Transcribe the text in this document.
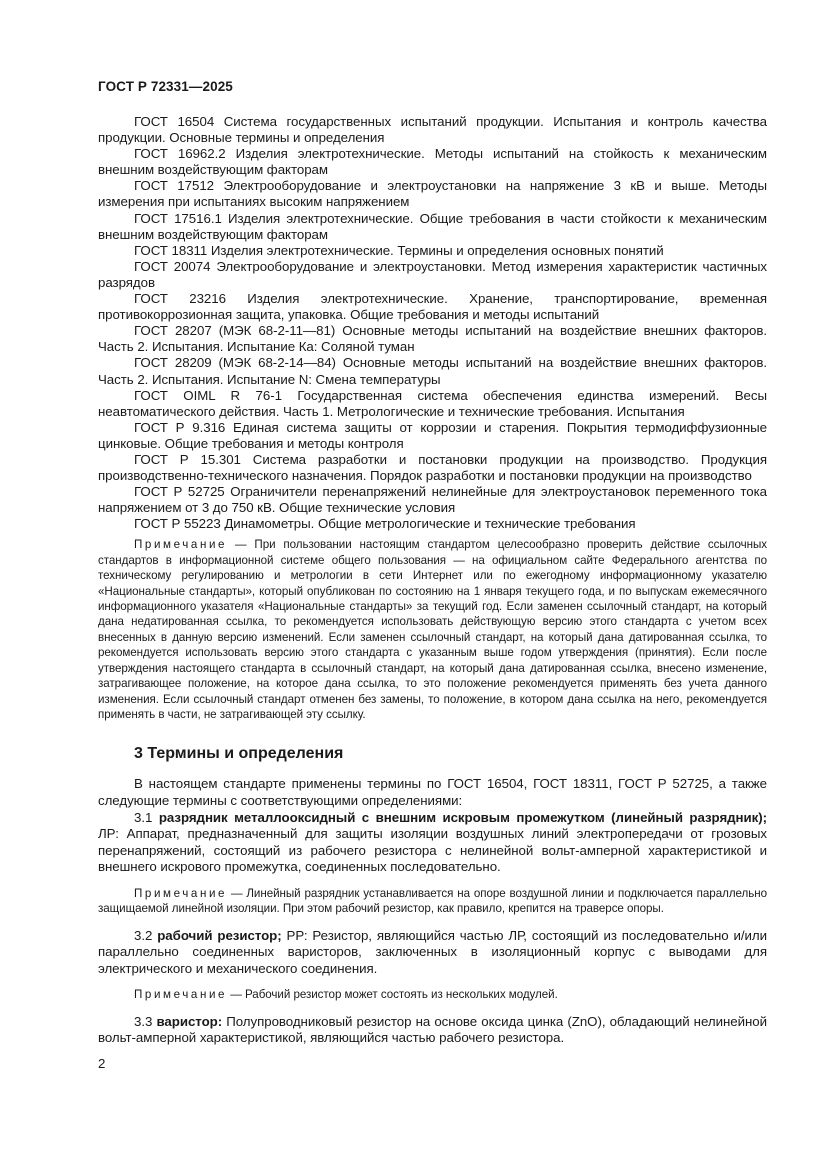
ГОСТ Р 72331—2025

ГОСТ 16504 Система государственных испытаний продукции. Испытания и контроль качества продукции. Основные термины и определения

ГОСТ 16962.2 Изделия электротехнические. Методы испытаний на стойкость к механическим внешним воздействующим факторам

ГОСТ 17512 Электрооборудование и электроустановки на напряжение 3 кВ и выше. Методы измерения при испытаниях высоким напряжением

ГОСТ 17516.1 Изделия электротехнические. Общие требования в части стойкости к механическим внешним воздействующим факторам

ГОСТ 18311 Изделия электротехнические. Термины и определения основных понятий

ГОСТ 20074 Электрооборудование и электроустановки. Метод измерения характеристик частичных разрядов

ГОСТ 23216 Изделия электротехнические. Хранение, транспортирование, временная противокоррозионная защита, упаковка. Общие требования и методы испытаний

ГОСТ 28207 (МЭК 68-2-11—81) Основные методы испытаний на воздействие внешних факторов. Часть 2. Испытания. Испытание Ка: Соляной туман

ГОСТ 28209 (МЭК 68-2-14—84) Основные методы испытаний на воздействие внешних факторов. Часть 2. Испытания. Испытание N: Смена температуры

ГОСТ OIML R 76-1 Государственная система обеспечения единства измерений. Весы неавтоматического действия. Часть 1. Метрологические и технические требования. Испытания

ГОСТ Р 9.316 Единая система защиты от коррозии и старения. Покрытия термодиффузионные цинковые. Общие требования и методы контроля

ГОСТ Р 15.301 Система разработки и постановки продукции на производство. Продукция производственно-технического назначения. Порядок разработки и постановки продукции на производство

ГОСТ Р 52725 Ограничители перенапряжений нелинейные для электроустановок переменного тока напряжением от 3 до 750 кВ. Общие технические условия

ГОСТ Р 55223 Динамометры. Общие метрологические и технические требования

Примечание — При пользовании настоящим стандартом целесообразно проверить действие ссылочных стандартов в информационной системе общего пользования — на официальном сайте Федерального агентства по техническому регулированию и метрологии в сети Интернет или по ежегодному информационному указателю «Национальные стандарты», который опубликован по состоянию на 1 января текущего года, и по выпускам ежемесячного информационного указателя «Национальные стандарты» за текущий год. Если заменен ссылочный стандарт, на который дана недатированная ссылка, то рекомендуется использовать действующую версию этого стандарта с учетом всех внесенных в данную версию изменений. Если заменен ссылочный стандарт, на который дана датированная ссылка, то рекомендуется использовать версию этого стандарта с указанным выше годом утверждения (принятия). Если после утверждения настоящего стандарта в ссылочный стандарт, на который дана датированная ссылка, внесено изменение, затрагивающее положение, на которое дана ссылка, то это положение рекомендуется применять без учета данного изменения. Если ссылочный стандарт отменен без замены, то положение, в котором дана ссылка на него, рекомендуется применять в части, не затрагивающей эту ссылку.

3 Термины и определения

В настоящем стандарте применены термины по ГОСТ 16504, ГОСТ 18311, ГОСТ Р 52725, а также следующие термины с соответствующими определениями:

3.1 разрядник металлооксидный с внешним искровым промежутком (линейный разрядник); ЛР: Аппарат, предназначенный для защиты изоляции воздушных линий электропередачи от грозовых перенапряжений, состоящий из рабочего резистора с нелинейной вольт-амперной характеристикой и внешнего искрового промежутка, соединенных последовательно.

Примечание — Линейный разрядник устанавливается на опоре воздушной линии и подключается параллельно защищаемой линейной изоляции. При этом рабочий резистор, как правило, крепится на траверсе опоры.

3.2 рабочий резистор; РР: Резистор, являющийся частью ЛР, состоящий из последовательно и/или параллельно соединенных варисторов, заключенных в изоляционный корпус с выводами для электрического и механического соединения.

Примечание — Рабочий резистор может состоять из нескольких модулей.

3.3 варистор: Полупроводниковый резистор на основе оксида цинка (ZnO), обладающий нелинейной вольт-амперной характеристикой, являющийся частью рабочего резистора.

2
